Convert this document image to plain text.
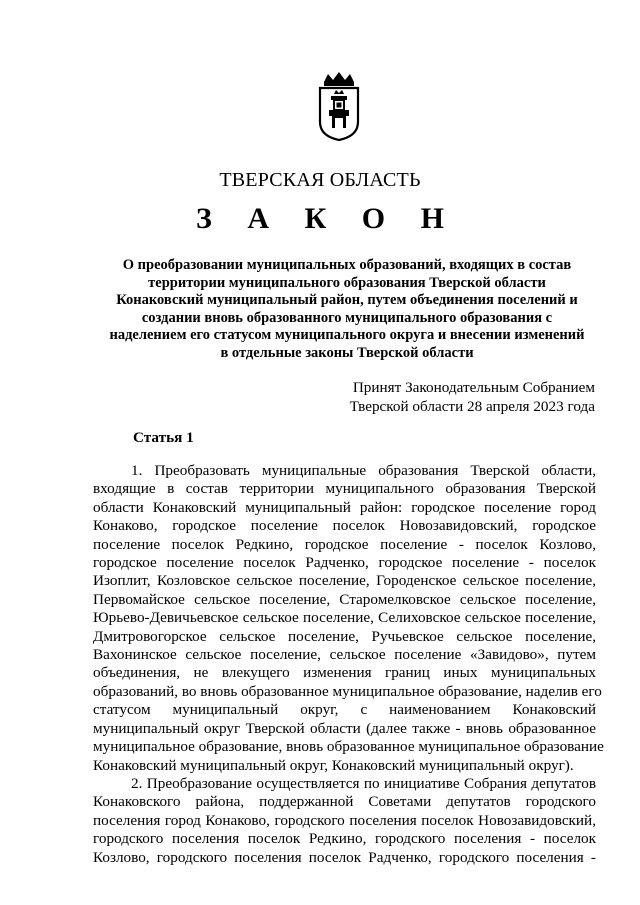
ТВЕРСКАЯ ОБЛАСТЬ
З А К О Н
О преобразовании муниципальных образований, входящих в состав
территории муниципального образования Тверской области
Конаковский муниципальный район, путем объединения поселений и
создании вновь образованного муниципального образования с
наделением его статусом муниципального округа и внесении изменений
в отдельные законы Тверской области
Принят Законодательным Собранием
Тверской области 28 апреля 2023 года
Статья 1
1. Преобразовать муниципальные образования Тверской области,
входящие в состав территории муниципального образования Тверской
области Конаковский муниципальный район: городское поселение город
Конаково, городское поселение поселок Новозавидовский, городское
поселение поселок Редкино, городское поселение - поселок Козлово,
городское поселение поселок Радченко, городское поселение - поселок
Изоплит, Козловское сельское поселение, Городенское сельское поселение,
Первомайское сельское поселение, Старомелковское сельское поселение,
Юрьево-Девичьевское сельское поселение, Селиховское сельское поселение,
Дмитровогорское сельское поселение, Ручьевское сельское поселение,
Вахонинское сельское поселение, сельское поселение «Завидово», путем
объединения, не влекущего изменения границ иных муниципальных
образований, во вновь образованное муниципальное образование, наделив его
статусом муниципальный округ, с наименованием Конаковский
муниципальный округ Тверской области (далее также - вновь образованное
муниципальное образование, вновь образованное муниципальное образование
Конаковский муниципальный округ, Конаковский муниципальный округ).
2. Преобразование осуществляется по инициативе Собрания депутатов
Конаковского района, поддержанной Советами депутатов городского
поселения город Конаково, городского поселения поселок Новозавидовский,
городского поселения поселок Редкино, городского поселения - поселок
Козлово, городского поселения поселок Радченко, городского поселения -
